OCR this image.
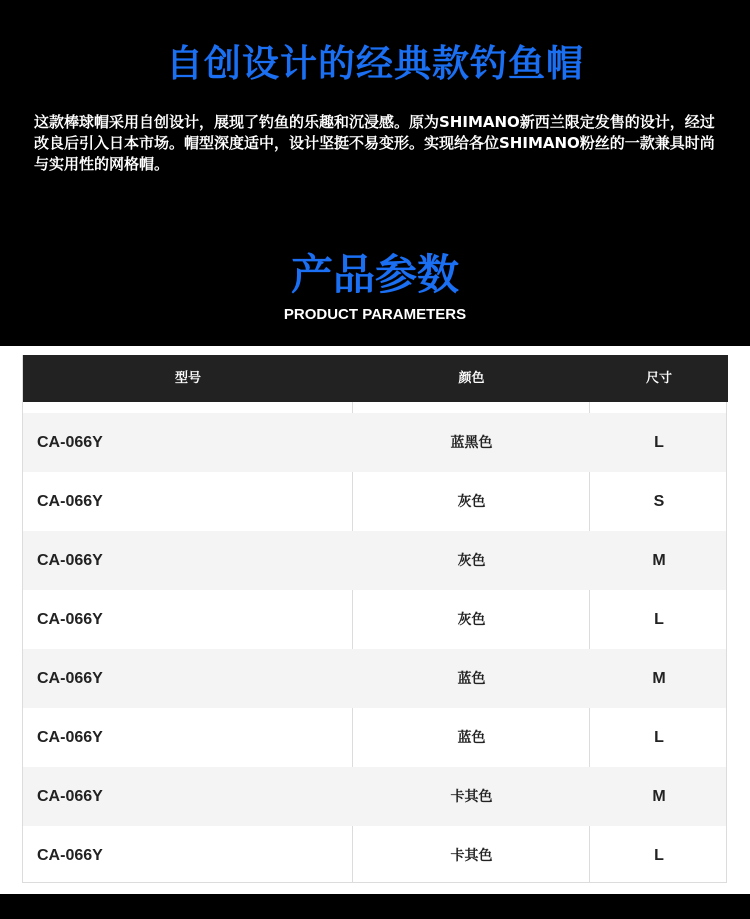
自创设计的经典款钓鱼帽

这款棒球帽采用自创设计，展现了钓鱼的乐趣和沉浸感。原为SHIMANO新西兰限定发售的设计，经过改良后引入日本市场。帽型深度适中，设计坚挺不易变形。实现给各位SHIMANO粉丝的一款兼具时尚与实用性的网格帽。

产品参数
PRODUCT PARAMETERS
型号	颜色	尺寸
CA-066Y	蓝黑色	L
CA-066Y	灰色	S
CA-066Y	灰色	M
CA-066Y	灰色	L
CA-066Y	蓝色	M
CA-066Y	蓝色	L
CA-066Y	卡其色	M
CA-066Y	卡其色	L
